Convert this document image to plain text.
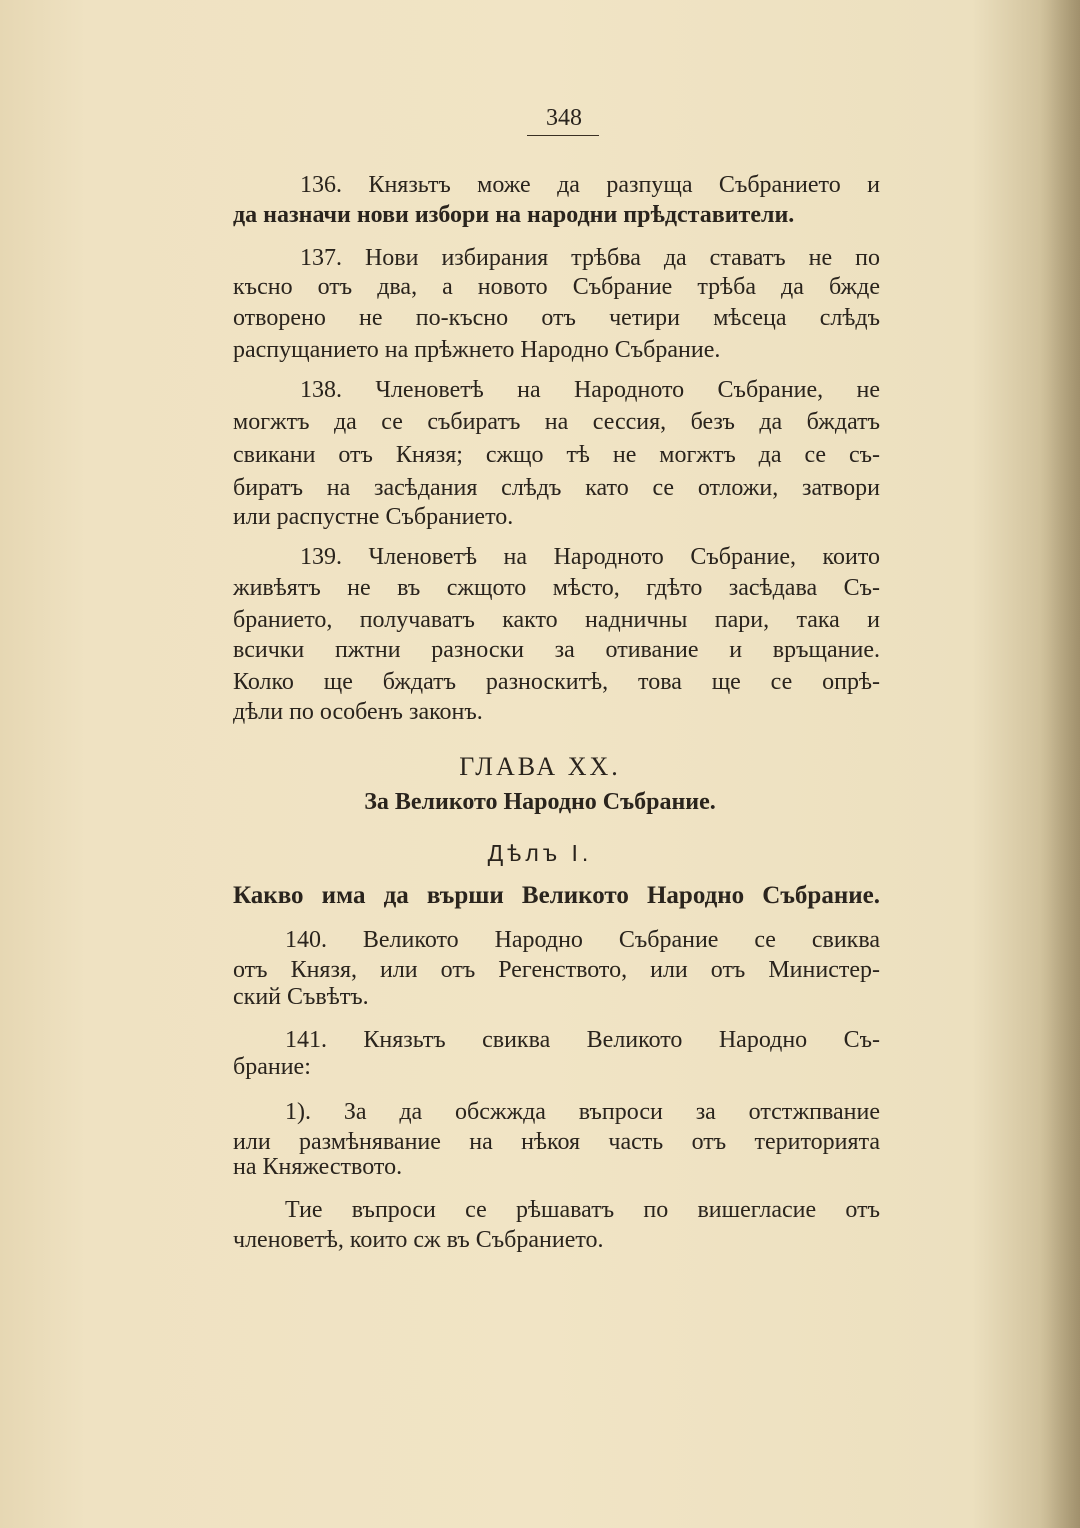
348
136. Князьтъ може да разпуща Събранието и
да назначи нови избори на народни прѣдставители.
137. Нови избирания трѣбва да ставатъ не по
късно отъ два, а новото Събрание трѣба да бжде
отворено не по-късно отъ четири мѣсеца слѣдъ
распущанието на прѣжнето Народно Събрание.
138. Членоветѣ на Народното Събрание, не
могжтъ да се събиратъ на сессия, безъ да бждатъ
свикани отъ Князя; сжщо тѣ не могжтъ да се съ-
биратъ на засѣдания слѣдъ като се отложи, затвори
или распустне Събранието.
139. Членоветѣ на Народното Събрание, които
живѣятъ не въ сжщото мѣсто, гдѣто засѣдава Съ-
бранието, получаватъ както надничны пари, така и
всички пжтни разноски за отивание и връщание.
Колко ще бждатъ разноскитѣ, това ще се опрѣ-
дѣли по особенъ законъ.
ГЛАВА XX.
За Великото Народно Събрание.
Дѣлъ I.
Какво има да върши Великото Народно Събрание.
140. Великото Народно Събрание се свиква
отъ Князя, или отъ Регенството, или отъ Министер-
ский Съвѣтъ.
141. Князьтъ свиква Великото Народно Съ-
брание:
1). За да обсжжда въпроси за отстжпвание
или размѣнявание на нѣкоя часть отъ територията
на Княжеството.
Тие въпроси се рѣшаватъ по вишегласие отъ
членоветѣ, които сж въ Събранието.
